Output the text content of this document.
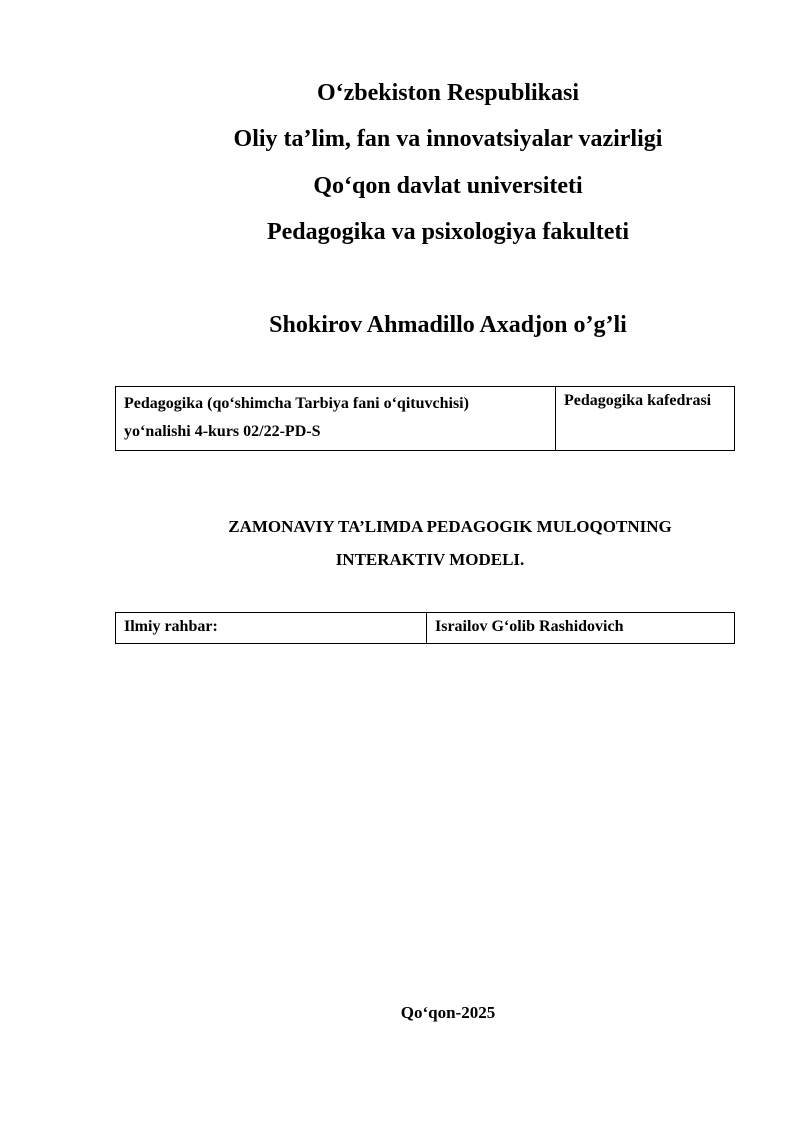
O‘zbekiston Respublikasi

Oliy ta’lim, fan va innovatsiyalar vazirligi

Qo‘qon davlat universiteti

Pedagogika va psixologiya fakulteti

Shokirov Ahmadillo Axadjon o’g’li

Pedagogika (qo‘shimcha Tarbiya fani o‘qituvchisi)
yo‘nalishi 4-kurs 02/22-PD-S
	Pedagogika kafedrasi

ZAMONAVIY TA’LIMDA PEDAGOGIK MULOQOTNING

INTERAKTIV MODELI.

Ilmiy rahbar:	Israilov G‘olib Rashidovich

Qo‘qon-2025
